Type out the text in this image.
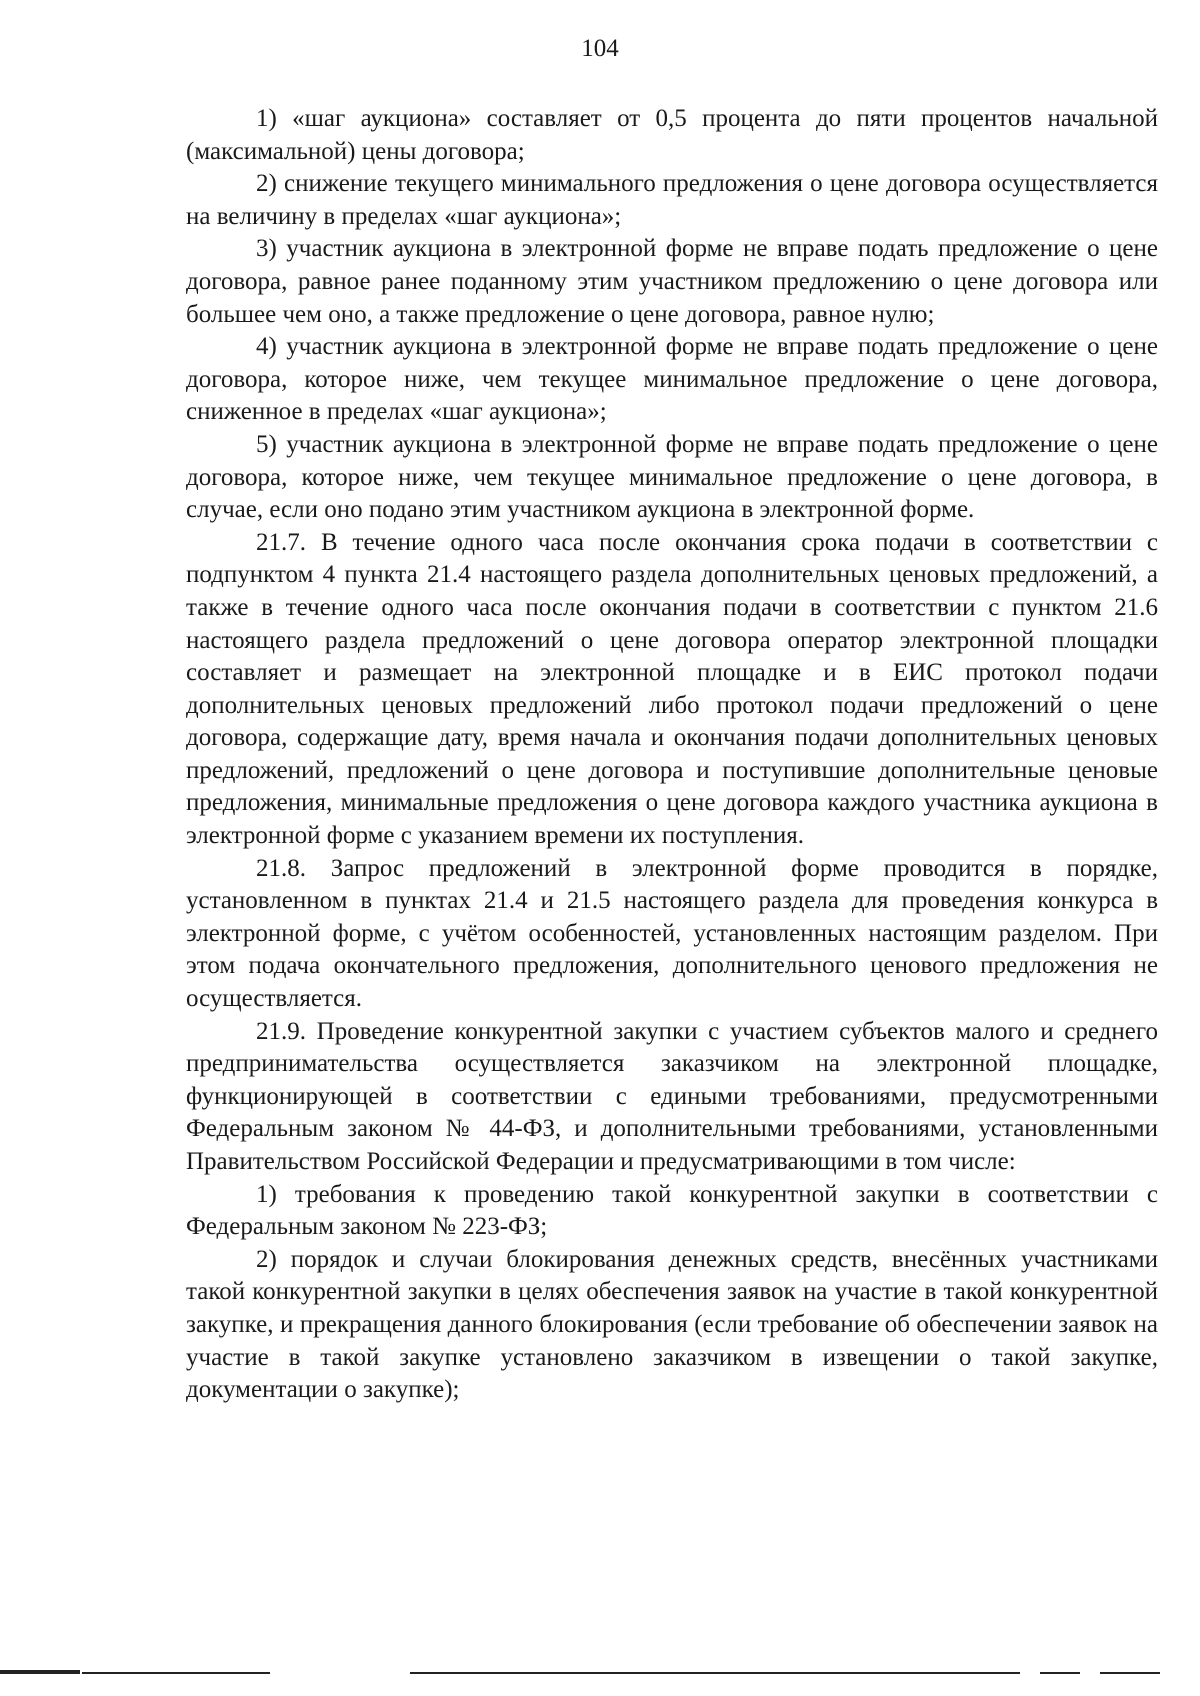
104

1) «шаг аукциона» составляет от 0,5 процента до пяти процентов начальной (максимальной) цены договора;

2) снижение текущего минимального предложения о цене договора осуществляется на величину в пределах «шаг аукциона»;

3) участник аукциона в электронной форме не вправе подать предложение о цене договора, равное ранее поданному этим участником предложению о цене договора или большее чем оно, а также предложение о цене договора, равное нулю;

4) участник аукциона в электронной форме не вправе подать предложение о цене договора, которое ниже, чем текущее минимальное предложение о цене договора, сниженное в пределах «шаг аукциона»;

5) участник аукциона в электронной форме не вправе подать предложение о цене договора, которое ниже, чем текущее минимальное предложение о цене договора, в случае, если оно подано этим участником аукциона в электронной форме.

21.7. В течение одного часа после окончания срока подачи в соответствии с подпунктом 4 пункта 21.4 настоящего раздела дополнительных ценовых предложений, а также в течение одного часа после окончания подачи в соответствии с пунктом 21.6 настоящего раздела предложений о цене договора оператор электронной площадки составляет и размещает на электронной площадке и в ЕИС протокол подачи дополнительных ценовых предложений либо протокол подачи предложений о цене договора, содержащие дату, время начала и окончания подачи дополнительных ценовых предложений, предложений о цене договора и поступившие дополнительные ценовые предложения, минимальные предложения о цене договора каждого участника аукциона в электронной форме с указанием времени их поступления.

21.8. Запрос предложений в электронной форме проводится в порядке, установленном в пунктах 21.4 и 21.5 настоящего раздела для проведения конкурса в электронной форме, с учётом особенностей, установленных настоящим разделом. При этом подача окончательного предложения, дополнительного ценового предложения не осуществляется.

21.9. Проведение конкурентной закупки с участием субъектов малого и среднего предпринимательства осуществляется заказчиком на электронной площадке, функционирующей в соответствии с едиными требованиями, предусмотренными Федеральным законом № 44-ФЗ, и дополнительными требованиями, установленными Правительством Российской Федерации и предусматривающими в том числе:

1) требования к проведению такой конкурентной закупки в соответствии с Федеральным законом № 223-ФЗ;

2) порядок и случаи блокирования денежных средств, внесённых участниками такой конкурентной закупки в целях обеспечения заявок на участие в такой конкурентной закупке, и прекращения данного блокирования (если требование об обеспечении заявок на участие в такой закупке установлено заказчиком в извещении о такой закупке, документации о закупке);
